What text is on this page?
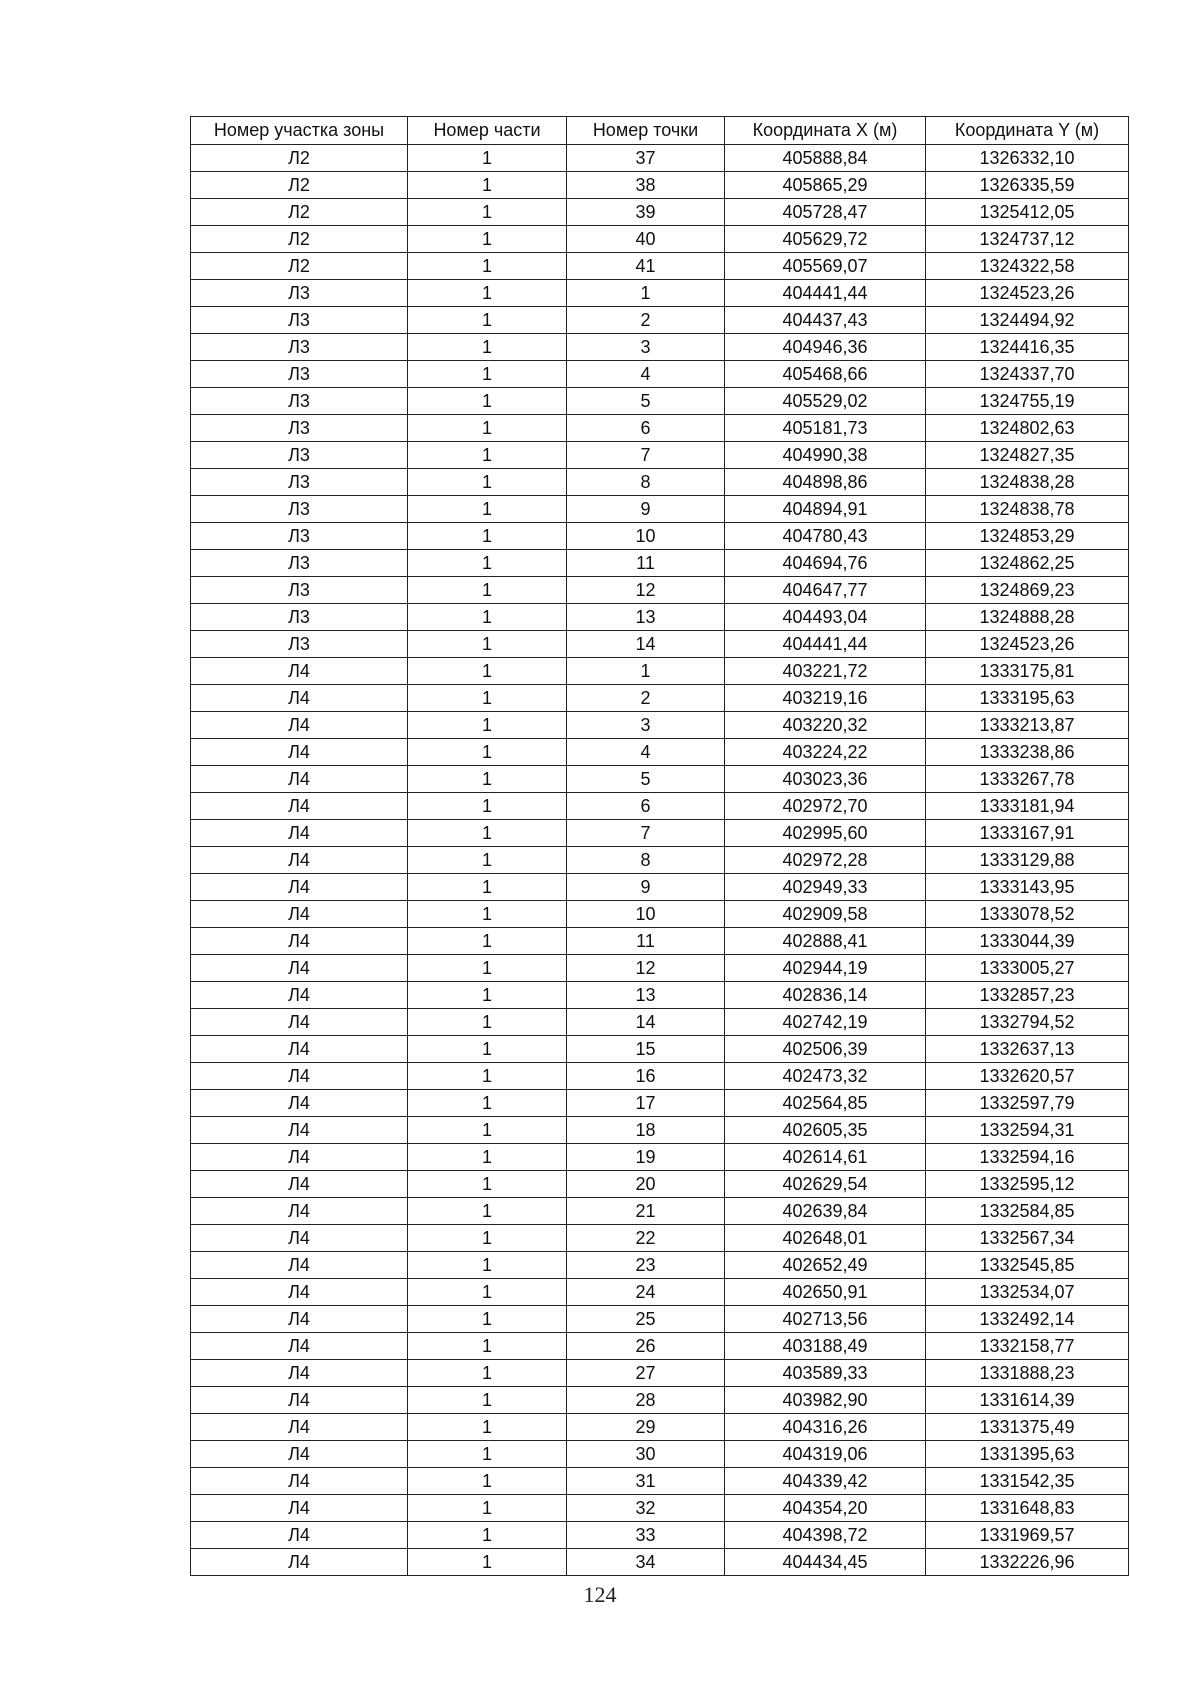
Номер участка зоны	Номер части	Номер точки	Координата X (м)	Координата Y (м)
Л2	1	37	405888,84	1326332,10
Л2	1	38	405865,29	1326335,59
Л2	1	39	405728,47	1325412,05
Л2	1	40	405629,72	1324737,12
Л2	1	41	405569,07	1324322,58
Л3	1	1	404441,44	1324523,26
Л3	1	2	404437,43	1324494,92
Л3	1	3	404946,36	1324416,35
Л3	1	4	405468,66	1324337,70
Л3	1	5	405529,02	1324755,19
Л3	1	6	405181,73	1324802,63
Л3	1	7	404990,38	1324827,35
Л3	1	8	404898,86	1324838,28
Л3	1	9	404894,91	1324838,78
Л3	1	10	404780,43	1324853,29
Л3	1	11	404694,76	1324862,25
Л3	1	12	404647,77	1324869,23
Л3	1	13	404493,04	1324888,28
Л3	1	14	404441,44	1324523,26
Л4	1	1	403221,72	1333175,81
Л4	1	2	403219,16	1333195,63
Л4	1	3	403220,32	1333213,87
Л4	1	4	403224,22	1333238,86
Л4	1	5	403023,36	1333267,78
Л4	1	6	402972,70	1333181,94
Л4	1	7	402995,60	1333167,91
Л4	1	8	402972,28	1333129,88
Л4	1	9	402949,33	1333143,95
Л4	1	10	402909,58	1333078,52
Л4	1	11	402888,41	1333044,39
Л4	1	12	402944,19	1333005,27
Л4	1	13	402836,14	1332857,23
Л4	1	14	402742,19	1332794,52
Л4	1	15	402506,39	1332637,13
Л4	1	16	402473,32	1332620,57
Л4	1	17	402564,85	1332597,79
Л4	1	18	402605,35	1332594,31
Л4	1	19	402614,61	1332594,16
Л4	1	20	402629,54	1332595,12
Л4	1	21	402639,84	1332584,85
Л4	1	22	402648,01	1332567,34
Л4	1	23	402652,49	1332545,85
Л4	1	24	402650,91	1332534,07
Л4	1	25	402713,56	1332492,14
Л4	1	26	403188,49	1332158,77
Л4	1	27	403589,33	1331888,23
Л4	1	28	403982,90	1331614,39
Л4	1	29	404316,26	1331375,49
Л4	1	30	404319,06	1331395,63
Л4	1	31	404339,42	1331542,35
Л4	1	32	404354,20	1331648,83
Л4	1	33	404398,72	1331969,57
Л4	1	34	404434,45	1332226,96
124
